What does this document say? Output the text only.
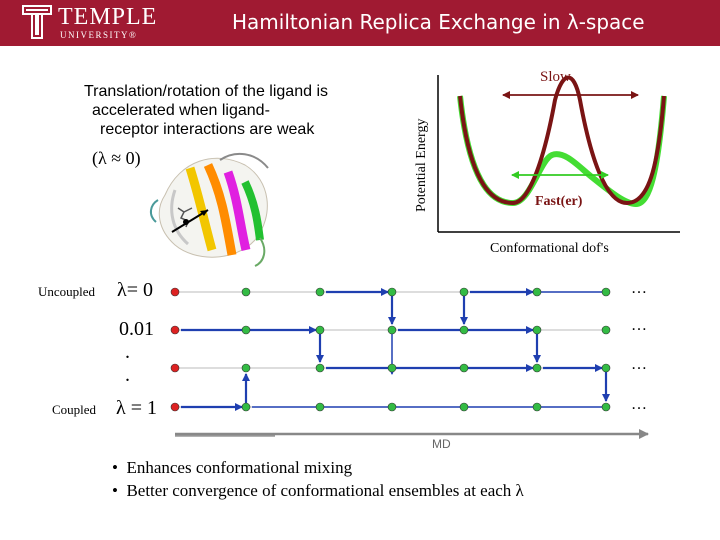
TEMPLE
UNIVERSITY®
Hamiltonian Replica Exchange in λ-space
Translation/rotation of the ligand is
accelerated when ligand-
receptor interactions are weak
(λ ≈ 0)	Potential Energy
Conformational dof's
Slow
Fast(er)
MD
Uncoupled λ= 0
0.01
.
.
Coupled λ = 1
…
…
…
…
•  Enhances conformational mixing
•  Better convergence of conformational ensembles at each λ
